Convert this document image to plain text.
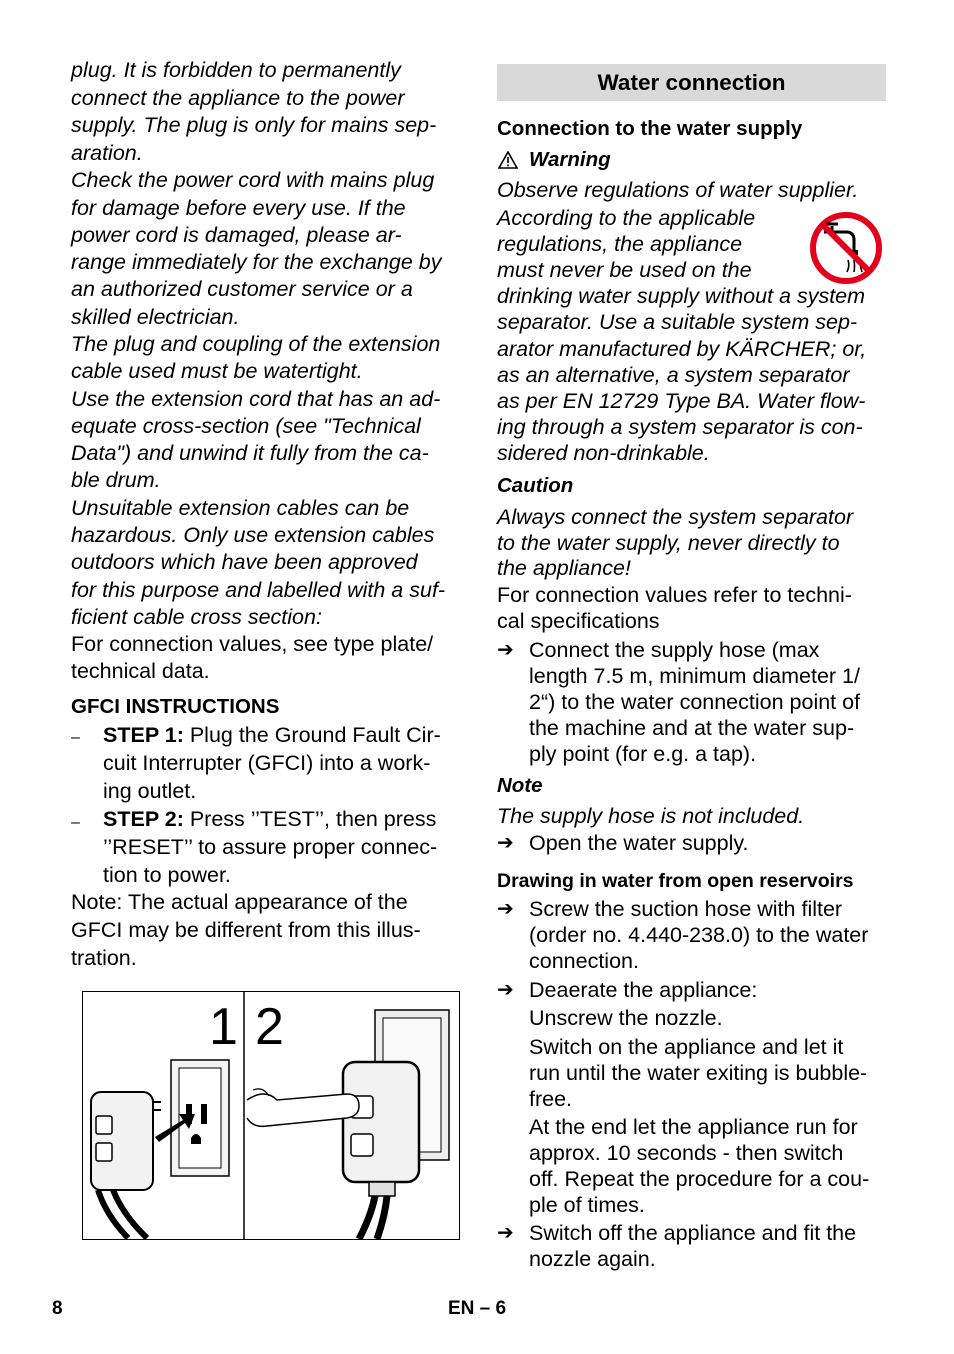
plug. It is forbidden to permanently
connect the appliance to the power
supply. The plug is only for mains sep-
aration.
Check the power cord with mains plug
for damage before every use. If the
power cord is damaged, please ar-
range immediately for the exchange by
an authorized customer service or a
skilled electrician.
The plug and coupling of the extension
cable used must be watertight.
Use the extension cord that has an ad-
equate cross-section (see "Technical
Data") and unwind it fully from the ca-
ble drum.
Unsuitable extension cables can be
hazardous. Only use extension cables
outdoors which have been approved
for this purpose and labelled with a suf-
ficient cable cross section:
For connection values, see type plate/
technical data.
GFCI INSTRUCTIONS
– STEP 1: Plug the Ground Fault Cir-
cuit Interrupter (GFCI) into a work-
ing outlet.
– STEP 2: Press ’’TEST’’, then press
’’RESET’’ to assure proper connec-
tion to power.
Note: The actual appearance of the
GFCI may be different from this illus-
tration.
1 2
Water connection
Connection to the water supply
Warning
Observe regulations of water supplier.
According to the applicable
regulations, the appliance
must never be used on the
drinking water supply without a system
separator. Use a suitable system sep-
arator manufactured by KÄRCHER; or,
as an alternative, a system separator
as per EN 12729 Type BA. Water flow-
ing through a system separator is con-
sidered non-drinkable.
Caution
Always connect the system separator
to the water supply, never directly to
the appliance!
For connection values refer to techni-
cal specifications
➔ Connect the supply hose (max
length 7.5 m, minimum diameter 1/
2“) to the water connection point of
the machine and at the water sup-
ply point (for e.g. a tap).
Note
The supply hose is not included.
➔ Open the water supply.
Drawing in water from open reservoirs
➔ Screw the suction hose with filter
(order no. 4.440-238.0) to the water
connection.
➔ Deaerate the appliance:
Unscrew the nozzle.
Switch on the appliance and let it
run until the water exiting is bubble-
free.
At the end let the appliance run for
approx. 10 seconds - then switch
off. Repeat the procedure for a cou-
ple of times.
➔ Switch off the appliance and fit the
nozzle again.
8	EN – 6
